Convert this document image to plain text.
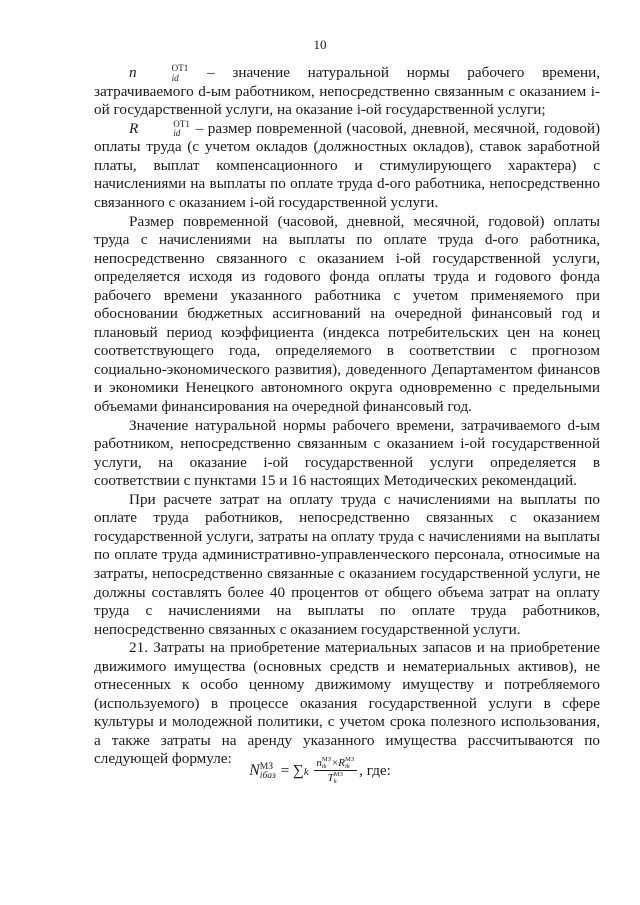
10

n	ОТ1
id	– значение натуральной нормы рабочего времени, затрачиваемого d-ым работником, непосредственно связанным с оказанием i-ой государственной услуги, на оказание i-ой государственной услуги;

R	ОТ1
id	– размер повременной (часовой, дневной, месячной, годовой) оплаты труда (с учетом окладов (должностных окладов), ставок заработной платы, выплат компенсационного и стимулирующего характера) с начислениями на выплаты по оплате труда d-ого работника, непосредственно связанного с оказанием i-ой государственной услуги.

Размер повременной (часовой, дневной, месячной, годовой) оплаты труда с начислениями на выплаты по оплате труда d-ого работника, непосредственно связанного с оказанием i-ой государственной услуги, определяется исходя из годового фонда оплаты труда и годового фонда рабочего времени указанного работника с учетом применяемого при обосновании бюджетных ассигнований на очередной финансовый год и плановый период коэффициента (индекса потребительских цен на конец соответствующего года, определяемого в соответствии с прогнозом социально-экономического развития), доведенного Департаментом финансов и экономики Ненецкого автономного округа одновременно с предельными объемами финансирования на очередной финансовый год.

Значение натуральной нормы рабочего времени, затрачиваемого d-ым работником, непосредственно связанным с оказанием i-ой государственной услуги, на оказание i-ой государственной услуги определяется в соответствии с пунктами 15 и 16 настоящих Методических рекомендаций.

При расчете затрат на оплату труда с начислениями на выплаты по оплате труда работников, непосредственно связанных с оказанием государственной услуги, затраты на оплату труда с начислениями на выплаты по оплате труда административно-управленческого персонала, относимые на затраты, непосредственно связанные с оказанием государственной услуги, не должны составлять более 40 процентов от общего объема затрат на оплату труда с начислениями на выплаты по оплате труда работников, непосредственно связанных с оказанием государственной услуги.

21. Затраты на приобретение материальных запасов и на приобретение движимого имущества (основных средств и нематериальных активов), не отнесенных к особо ценному движимому имуществу и потребляемого (используемого) в процессе оказания государственной услуги в сфере культуры и молодежной политики, с учетом срока полезного использования, а также затраты на аренду указанного имущества рассчитываются по следующей формуле:

N МЗ
iбаз = ∑k n МЗ
ik ×R МЗ
ik
T МЗ
k , где:
